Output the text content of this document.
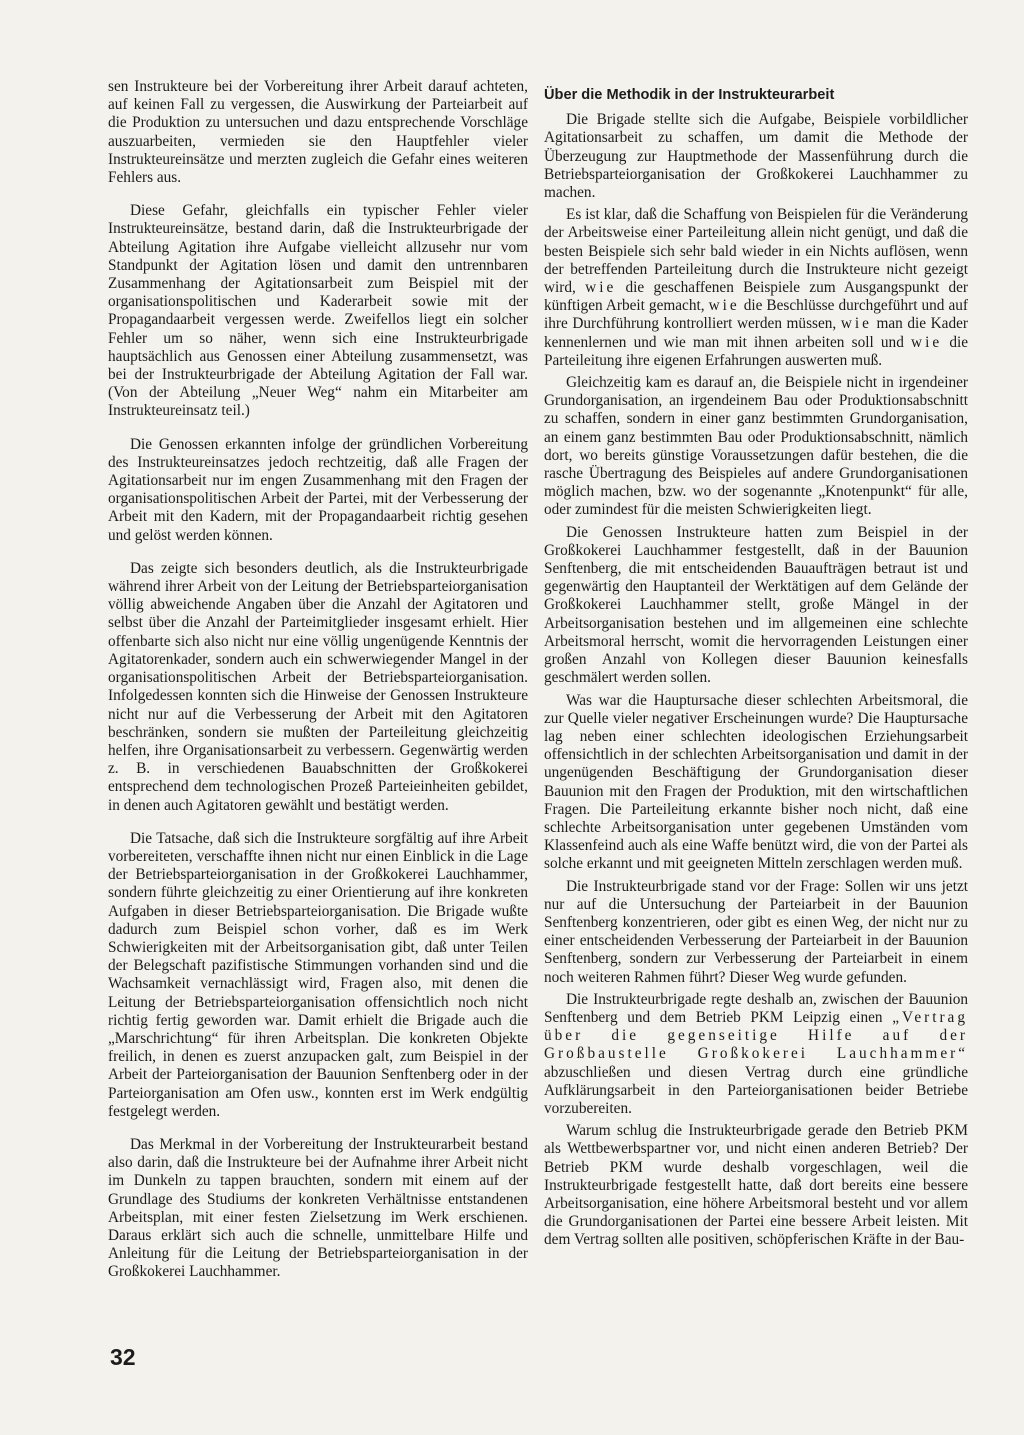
sen Instrukteure bei der Vorbereitung ihrer Arbeit darauf achteten, auf keinen Fall zu vergessen, die Auswirkung der Parteiarbeit auf die Produktion zu untersuchen und dazu entsprechende Vorschläge auszuarbeiten, vermieden sie den Hauptfehler vieler Instrukteureinsätze und merzten zugleich die Gefahr eines weiteren Fehlers aus.

Diese Gefahr, gleichfalls ein typischer Fehler vieler Instrukteureinsätze, bestand darin, daß die Instrukteurbrigade der Abteilung Agitation ihre Aufgabe vielleicht allzusehr nur vom Standpunkt der Agitation lösen und damit den untrennbaren Zusammenhang der Agitationsarbeit zum Beispiel mit der organisationspolitischen und Kaderarbeit sowie mit der Propagandaarbeit vergessen werde. Zweifellos liegt ein solcher Fehler um so näher, wenn sich eine Instrukteurbrigade hauptsächlich aus Genossen einer Abteilung zusammensetzt, was bei der Instrukteurbrigade der Abteilung Agitation der Fall war. (Von der Abteilung „Neuer Weg“ nahm ein Mitarbeiter am Instrukteureinsatz teil.)

Die Genossen erkannten infolge der gründlichen Vorbereitung des Instrukteureinsatzes jedoch rechtzeitig, daß alle Fragen der Agitationsarbeit nur im engen Zusammenhang mit den Fragen der organisationspolitischen Arbeit der Partei, mit der Verbesserung der Arbeit mit den Kadern, mit der Propagandaarbeit richtig gesehen und gelöst werden können.

Das zeigte sich besonders deutlich, als die Instrukteurbrigade während ihrer Arbeit von der Leitung der Betriebsparteiorganisation völlig abweichende Angaben über die Anzahl der Agitatoren und selbst über die Anzahl der Parteimitglieder insgesamt erhielt. Hier offenbarte sich also nicht nur eine völlig ungenügende Kenntnis der Agitatorenkader, sondern auch ein schwerwiegender Mangel in der organisationspolitischen Arbeit der Betriebsparteiorganisation. Infolgedessen konnten sich die Hinweise der Genossen Instrukteure nicht nur auf die Verbesserung der Arbeit mit den Agitatoren beschränken, sondern sie mußten der Parteileitung gleichzeitig helfen, ihre Organisationsarbeit zu verbessern. Gegenwärtig werden z. B. in verschiedenen Bauabschnitten der Großkokerei entsprechend dem technologischen Prozeß Parteieinheiten gebildet, in denen auch Agitatoren gewählt und bestätigt werden.

Die Tatsache, daß sich die Instrukteure sorgfältig auf ihre Arbeit vorbereiteten, verschaffte ihnen nicht nur einen Einblick in die Lage der Betriebsparteiorganisation in der Großkokerei Lauchhammer, sondern führte gleichzeitig zu einer Orientierung auf ihre konkreten Aufgaben in dieser Betriebsparteiorganisation. Die Brigade wußte dadurch zum Beispiel schon vorher, daß es im Werk Schwierigkeiten mit der Arbeitsorganisation gibt, daß unter Teilen der Belegschaft pazifistische Stimmungen vorhanden sind und die Wachsamkeit vernachlässigt wird, Fragen also, mit denen die Leitung der Betriebsparteiorganisation offensichtlich noch nicht richtig fertig geworden war. Damit erhielt die Brigade auch die „Marschrichtung“ für ihren Arbeitsplan. Die konkreten Objekte freilich, in denen es zuerst anzupacken galt, zum Beispiel in der Arbeit der Parteiorganisation der Bauunion Senftenberg oder in der Parteiorganisation am Ofen usw., konnten erst im Werk endgültig festgelegt werden.

Das Merkmal in der Vorbereitung der Instrukteurarbeit bestand also darin, daß die Instrukteure bei der Aufnahme ihrer Arbeit nicht im Dunkeln zu tappen brauchten, sondern mit einem auf der Grundlage des Studiums der konkreten Verhältnisse entstandenen Arbeitsplan, mit einer festen Zielsetzung im Werk erschienen. Daraus erklärt sich auch die schnelle, unmittelbare Hilfe und Anleitung für die Leitung der Betriebsparteiorganisation in der Großkokerei Lauchhammer.

Über die Methodik in der Instrukteurarbeit

Die Brigade stellte sich die Aufgabe, Beispiele vorbildlicher Agitationsarbeit zu schaffen, um damit die Methode der Überzeugung zur Hauptmethode der Massenführung durch die Betriebsparteiorganisation der Großkokerei Lauchhammer zu machen.

Es ist klar, daß die Schaffung von Beispielen für die Veränderung der Arbeitsweise einer Parteileitung allein nicht genügt, und daß die besten Beispiele sich sehr bald wieder in ein Nichts auflösen, wenn der betreffenden Parteileitung durch die Instrukteure nicht gezeigt wird, wie die geschaffenen Beispiele zum Ausgangspunkt der künftigen Arbeit gemacht, wie die Beschlüsse durchgeführt und auf ihre Durchführung kontrolliert werden müssen, wie man die Kader kennenlernen und wie man mit ihnen arbeiten soll und wie die Parteileitung ihre eigenen Erfahrungen auswerten muß.

Gleichzeitig kam es darauf an, die Beispiele nicht in irgendeiner Grundorganisation, an irgendeinem Bau oder Produktionsabschnitt zu schaffen, sondern in einer ganz bestimmten Grundorganisation, an einem ganz bestimmten Bau oder Produktionsabschnitt, nämlich dort, wo bereits günstige Voraussetzungen dafür bestehen, die die rasche Übertragung des Beispieles auf andere Grundorganisationen möglich machen, bzw. wo der sogenannte „Knotenpunkt“ für alle, oder zumindest für die meisten Schwierigkeiten liegt.

Die Genossen Instrukteure hatten zum Beispiel in der Großkokerei Lauchhammer festgestellt, daß in der Bauunion Senftenberg, die mit entscheidenden Bauaufträgen betraut ist und gegenwärtig den Hauptanteil der Werktätigen auf dem Gelände der Großkokerei Lauchhammer stellt, große Mängel in der Arbeitsorganisation bestehen und im allgemeinen eine schlechte Arbeitsmoral herrscht, womit die hervorragenden Leistungen einer großen Anzahl von Kollegen dieser Bauunion keinesfalls geschmälert werden sollen.

Was war die Hauptursache dieser schlechten Arbeitsmoral, die zur Quelle vieler negativer Erscheinungen wurde? Die Hauptursache lag neben einer schlechten ideologischen Erziehungsarbeit offensichtlich in der schlechten Arbeitsorganisation und damit in der ungenügenden Beschäftigung der Grundorganisation dieser Bauunion mit den Fragen der Produktion, mit den wirtschaftlichen Fragen. Die Parteileitung erkannte bisher noch nicht, daß eine schlechte Arbeitsorganisation unter gegebenen Umständen vom Klassenfeind auch als eine Waffe benützt wird, die von der Partei als solche erkannt und mit geeigneten Mitteln zerschlagen werden muß.

Die Instrukteurbrigade stand vor der Frage: Sollen wir uns jetzt nur auf die Untersuchung der Parteiarbeit in der Bauunion Senftenberg konzentrieren, oder gibt es einen Weg, der nicht nur zu einer entscheidenden Verbesserung der Parteiarbeit in der Bauunion Senftenberg, sondern zur Verbesserung der Parteiarbeit in einem noch weiteren Rahmen führt? Dieser Weg wurde gefunden.

Die Instrukteurbrigade regte deshalb an, zwischen der Bauunion Senftenberg und dem Betrieb PKM Leipzig einen „Vertrag über die gegenseitige Hilfe auf der Großbaustelle Großkokerei Lauchhammer“ abzuschließen und diesen Vertrag durch eine gründliche Aufklärungsarbeit in den Parteiorganisationen beider Betriebe vorzubereiten.

Warum schlug die Instrukteurbrigade gerade den Betrieb PKM als Wettbewerbspartner vor, und nicht einen anderen Betrieb? Der Betrieb PKM wurde deshalb vorgeschlagen, weil die Instrukteurbrigade festgestellt hatte, daß dort bereits eine bessere Arbeitsorganisation, eine höhere Arbeitsmoral besteht und vor allem die Grundorganisationen der Partei eine bessere Arbeit leisten. Mit dem Vertrag sollten alle positiven, schöpferischen Kräfte in der Bau-

32
